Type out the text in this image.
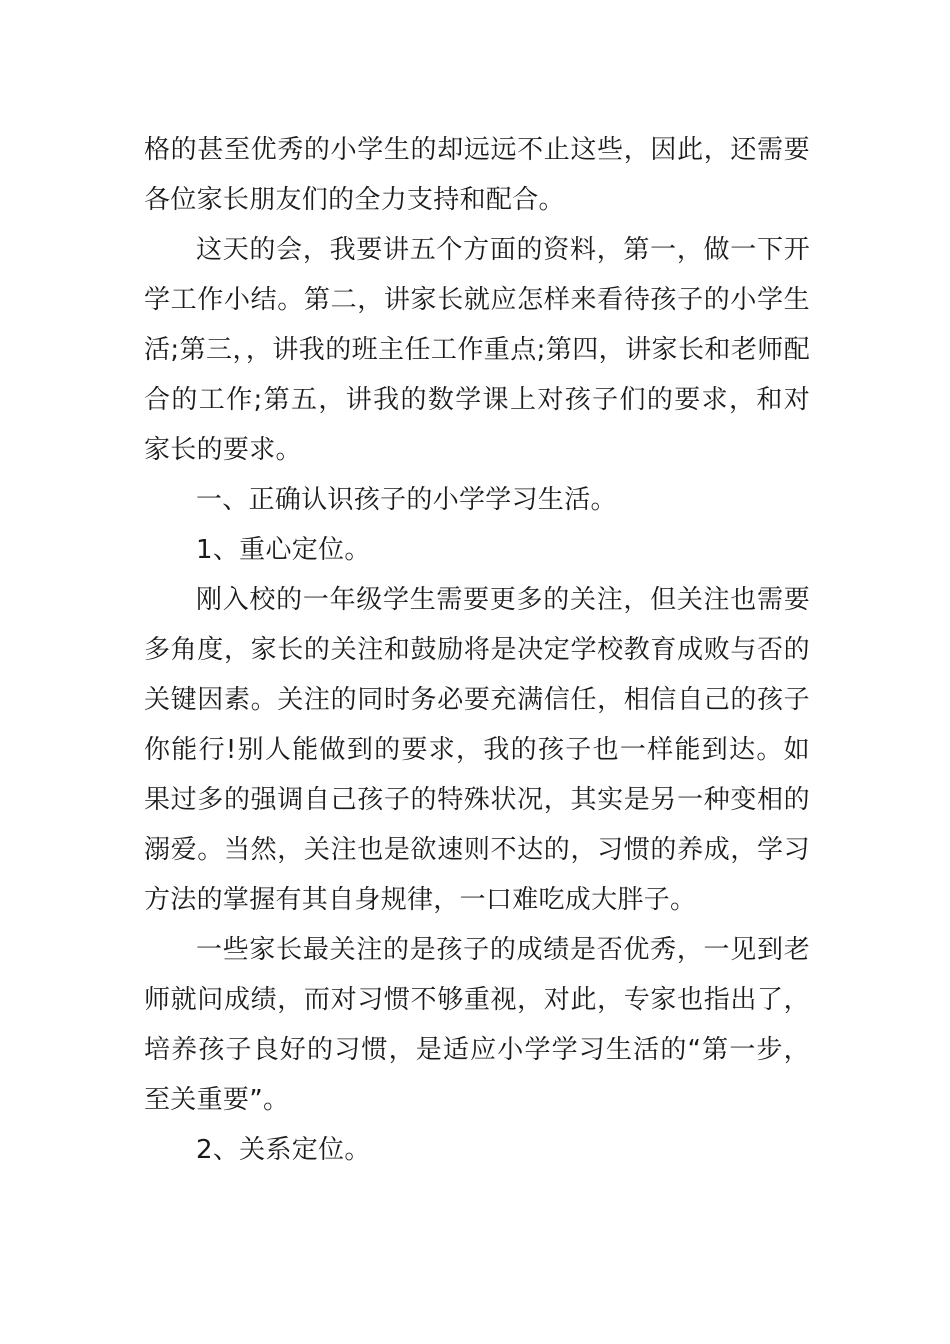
格的甚至优秀的小学生的却远远不止这些，因此，还需要各位家长朋友们的全力支持和配合。

这天的会，我要讲五个方面的资料，第一，做一下开学工作小结。第二，讲家长就应怎样来看待孩子的小学生活;第三，，讲我的班主任工作重点;第四，讲家长和老师配合的工作;第五，讲我的数学课上对孩子们的要求，和对家长的要求。

一、正确认识孩子的小学学习生活。

1、重心定位。

刚入校的一年级学生需要更多的关注，但关注也需要多角度，家长的关注和鼓励将是决定学校教育成败与否的关键因素。关注的同时务必要充满信任，相信自己的孩子你能行!别人能做到的要求，我的孩子也一样能到达。如果过多的强调自己孩子的特殊状况，其实是另一种变相的溺爱。当然，关注也是欲速则不达的，习惯的养成，学习方法的掌握有其自身规律，一口难吃成大胖子。

一些家长最关注的是孩子的成绩是否优秀，一见到老师就问成绩，而对习惯不够重视，对此，专家也指出了，培养孩子良好的习惯，是适应小学学习生活的“第一步，至关重要”。

2、关系定位。
